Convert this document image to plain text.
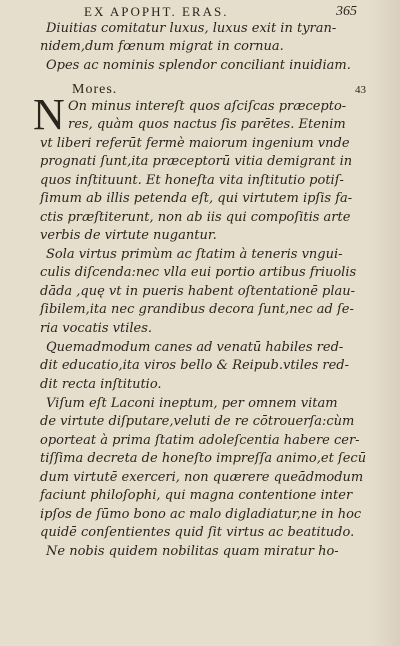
EX APOPHT. ERAS.	365
Diuitias comitatur luxus, luxus exit in tyran-
nidem,dum fœnum migrat in cornua.
Opes ac nominis splendor conciliant inuidiam.
Mores.	43
N On minus intereſt quos aſciſcas præcepto-
res, quàm quos nactus ſis parētes. Etenim
vt liberi referūt fermè maiorum ingenium vnde
prognati ſunt,ita præceptorū vitia demigrant in
quos inſtituunt. Et honeſta vita inſtitutio potiſ-
ſimum ab illis petenda eſt, qui virtutem ipſis fa-
ctis præſtiterunt, non ab iis qui compoſitis arte
verbis de virtute nugantur.
Sola virtus primùm ac ſtatim à teneris vngui-
culis diſcenda:nec vlla eui portio artibus friuolis
dāda ,quę vt in pueris habent oſtentationē plau-
ſibilem,ita nec grandibus decora ſunt,nec ad ſe-
ria vocatis vtiles.
Quemadmodum canes ad venatū habiles red-
dit educatio,ita viros bello & Reipub.vtiles red-
dit recta inſtitutio.
Viſum eſt Laconi ineptum, per omnem vitam
de virtute diſputare,veluti de re cōtrouerſa:cùm
oporteat à prima ſtatim adoleſcentia habere cer-
tiſſima decreta de honeſto impreſſa animo,et ſecū
dum virtutē exerceri, non quærere queādmodum
faciunt philoſophi, qui magna contentione inter
ipſos de ſūmo bono ac malo digladiatur,ne in hoc
quidē conſentientes quid ſit virtus ac beatitudo.
Ne nobis quidem nobilitas quam miratur ho-
